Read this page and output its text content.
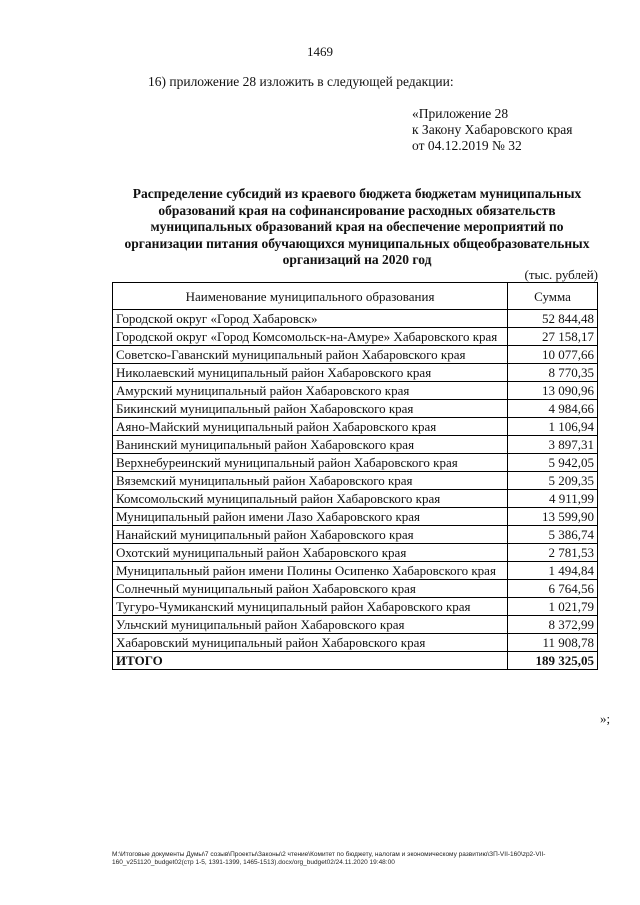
1469
16) приложение 28 изложить в следующей редакции:
«Приложение 28
к Закону Хабаровского края
от 04.12.2019 № 32
Распределение субсидий из краевого бюджета бюджетам муниципальных образований края на софинансирование расходных обязательств муниципальных образований края на обеспечение мероприятий по организации питания обучающихся муниципальных общеобразовательных организаций на 2020 год
(тыс. рублей)
Наименование муниципального образования	Сумма
Городской округ «Город Хабаровск»	52 844,48
Городской округ «Город Комсомольск-на-Амуре» Хабаровского края	27 158,17
Советско-Гаванский муниципальный район Хабаровского края	10 077,66
Николаевский муниципальный район Хабаровского края	8 770,35
Амурский муниципальный район Хабаровского края	13 090,96
Бикинский муниципальный район Хабаровского края	4 984,66
Аяно-Майский муниципальный район Хабаровского края	1 106,94
Ванинский муниципальный район Хабаровского края	3 897,31
Верхнебуреинский муниципальный район Хабаровского края	5 942,05
Вяземский муниципальный район Хабаровского края	5 209,35
Комсомольский муниципальный район Хабаровского края	4 911,99
Муниципальный район имени Лазо Хабаровского края	13 599,90
Нанайский муниципальный район Хабаровского края	5 386,74
Охотский муниципальный район Хабаровского края	2 781,53
Муниципальный район имени Полины Осипенко Хабаровского края	1 494,84
Солнечный муниципальный район Хабаровского края	6 764,56
Тугуро-Чумиканский муниципальный район Хабаровского края	1 021,79
Ульчский муниципальный район Хабаровского края	8 372,99
Хабаровский муниципальный район Хабаровского края	11 908,78
ИТОГО	189 325,05
»;
M:\Итоговые документы Думы\7 созыв\Проекты\Законы\2 чтение\Комитет по бюджету, налогам и экономическому развитию\ЗП-VII-160\zp2-VII-160_v251120_budget02(стр 1-5, 1391-1399, 1465-1513).docx/org_budget02/24.11.2020 19:48:00
